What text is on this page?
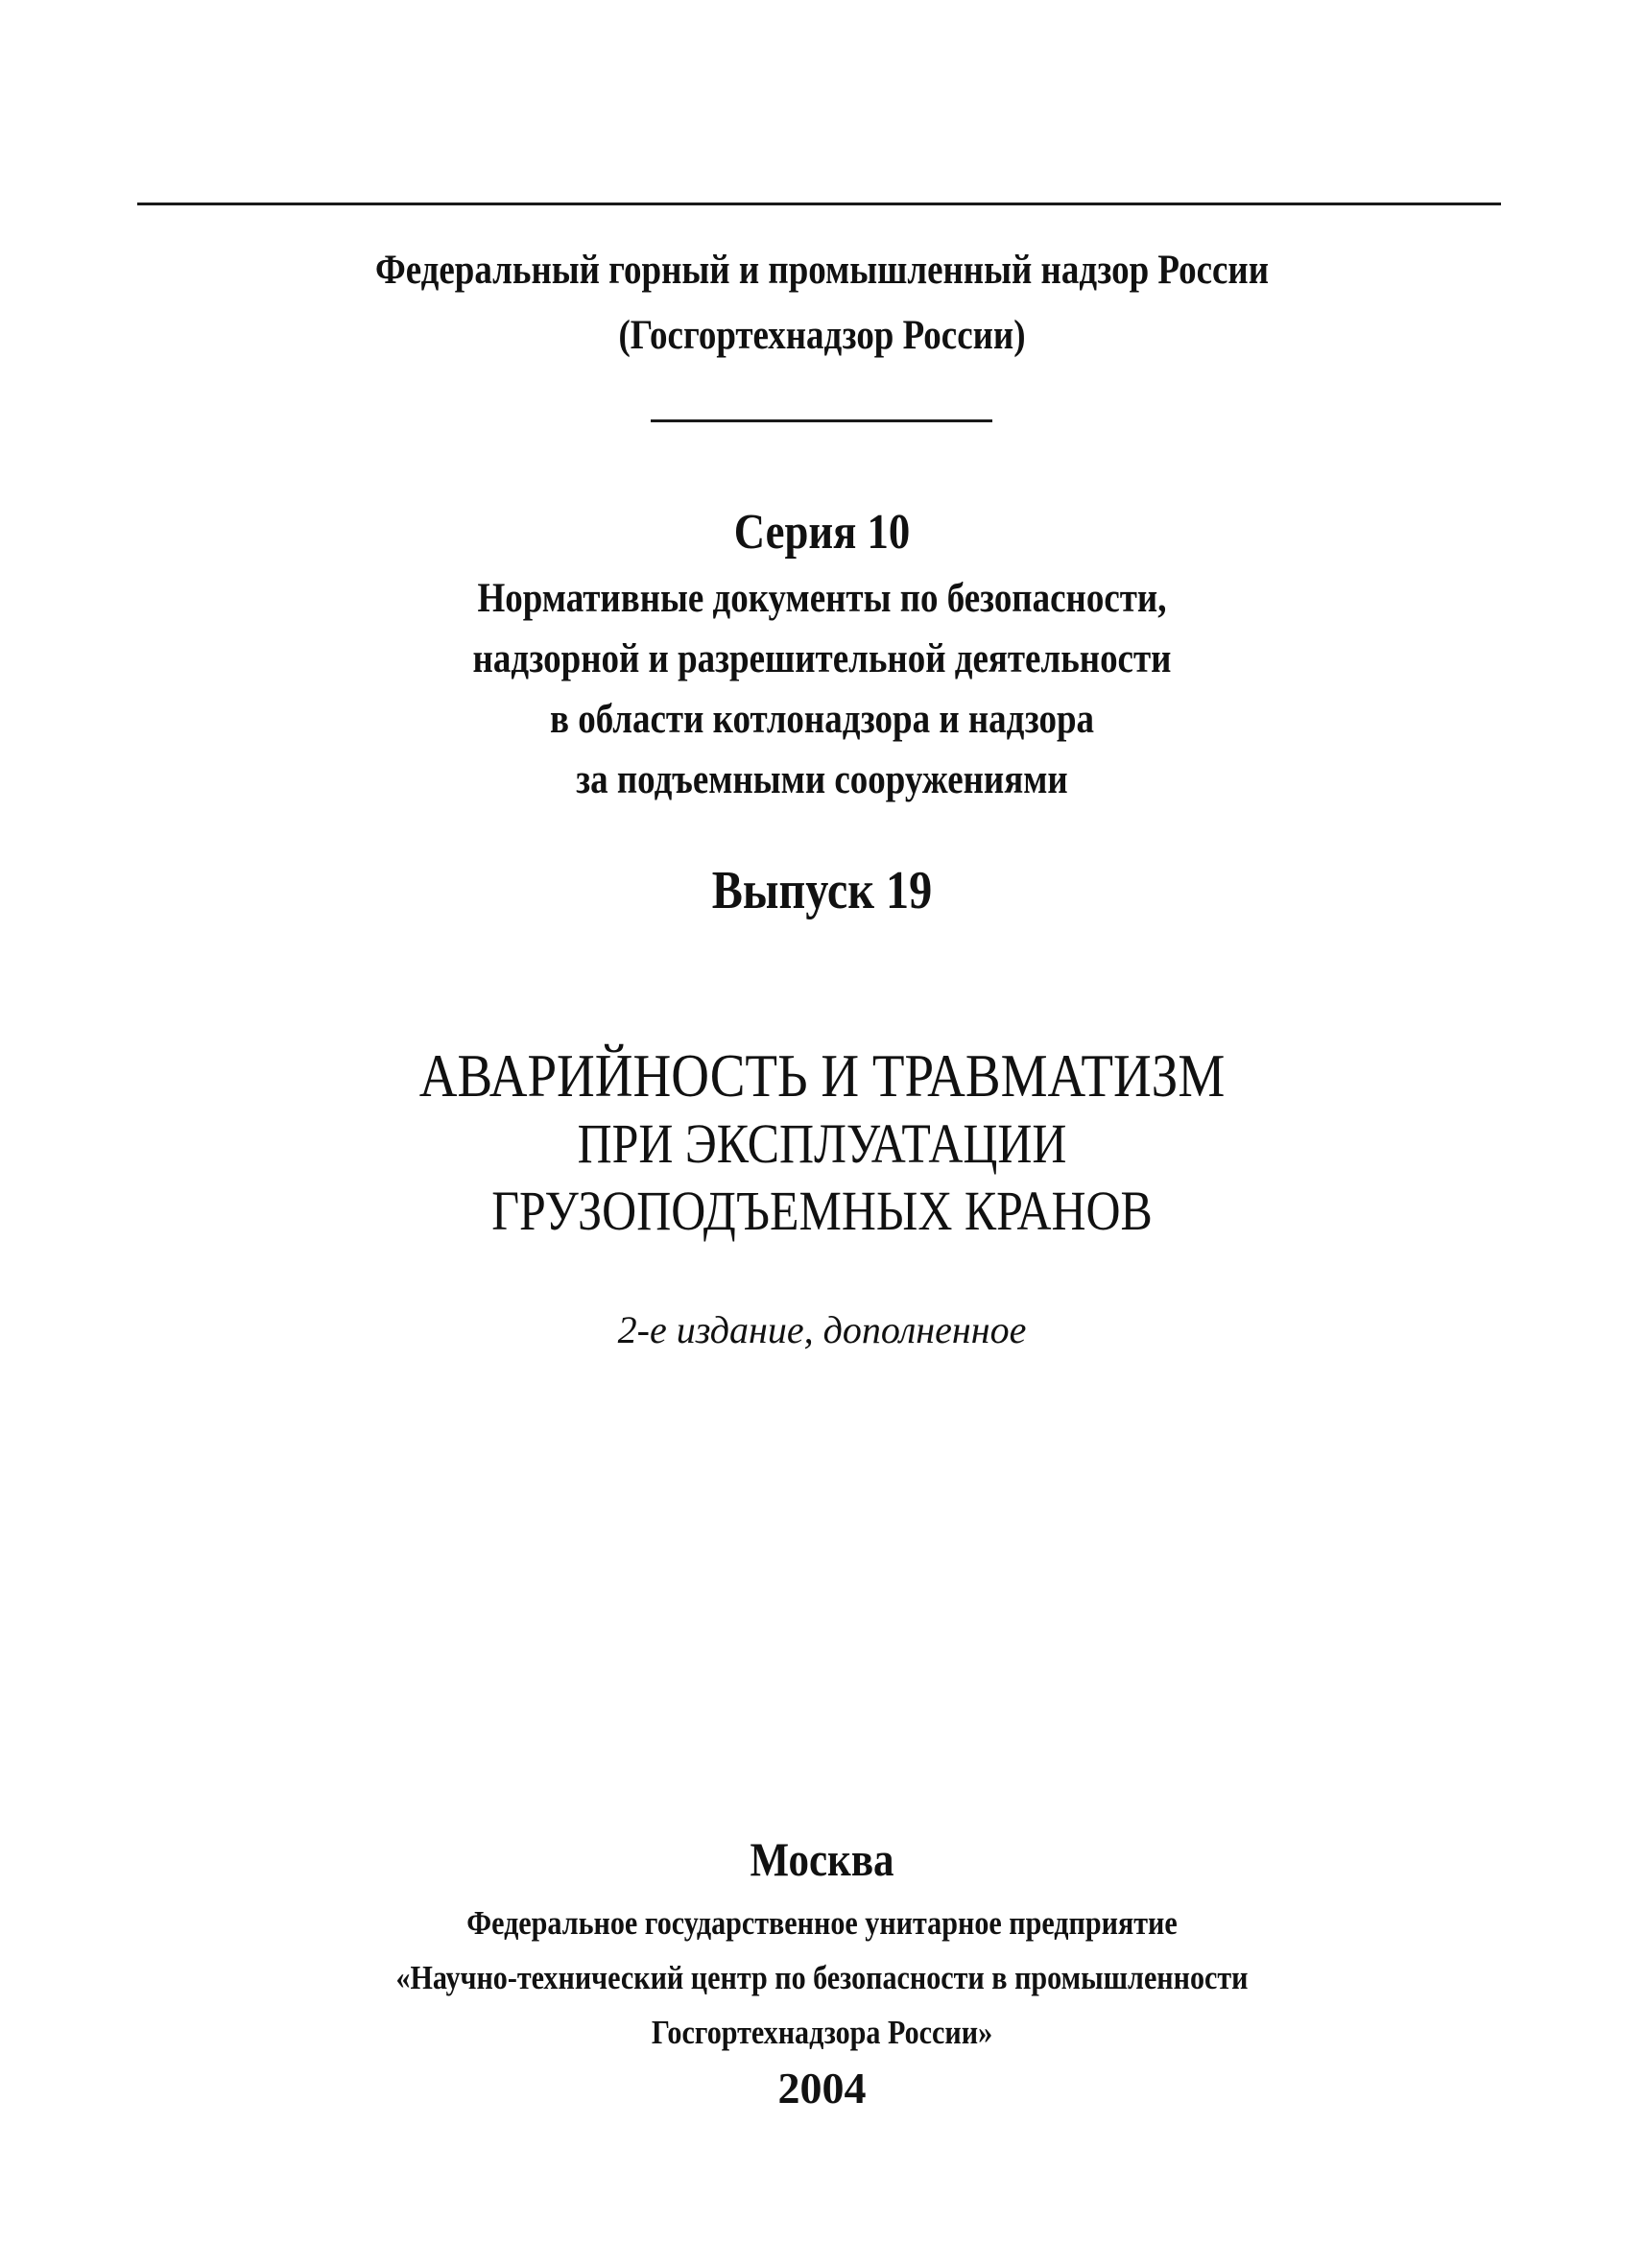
Федеральный горный и промышленный надзор России
(Госгортехнадзор России)
Серия 10
Нормативные документы по безопасности,
надзорной и разрешительной деятельности
в области котлонадзора и надзора
за подъемными сооружениями
Выпуск 19
АВАРИЙНОСТЬ И ТРАВМАТИЗМ
ПРИ ЭКСПЛУАТАЦИИ
ГРУЗОПОДЪЕМНЫХ КРАНОВ
2-е издание, дополненное
Москва
Федеральное государственное унитарное предприятие
«Научно-технический центр по безопасности в промышленности
Госгортехнадзора России»
2004
